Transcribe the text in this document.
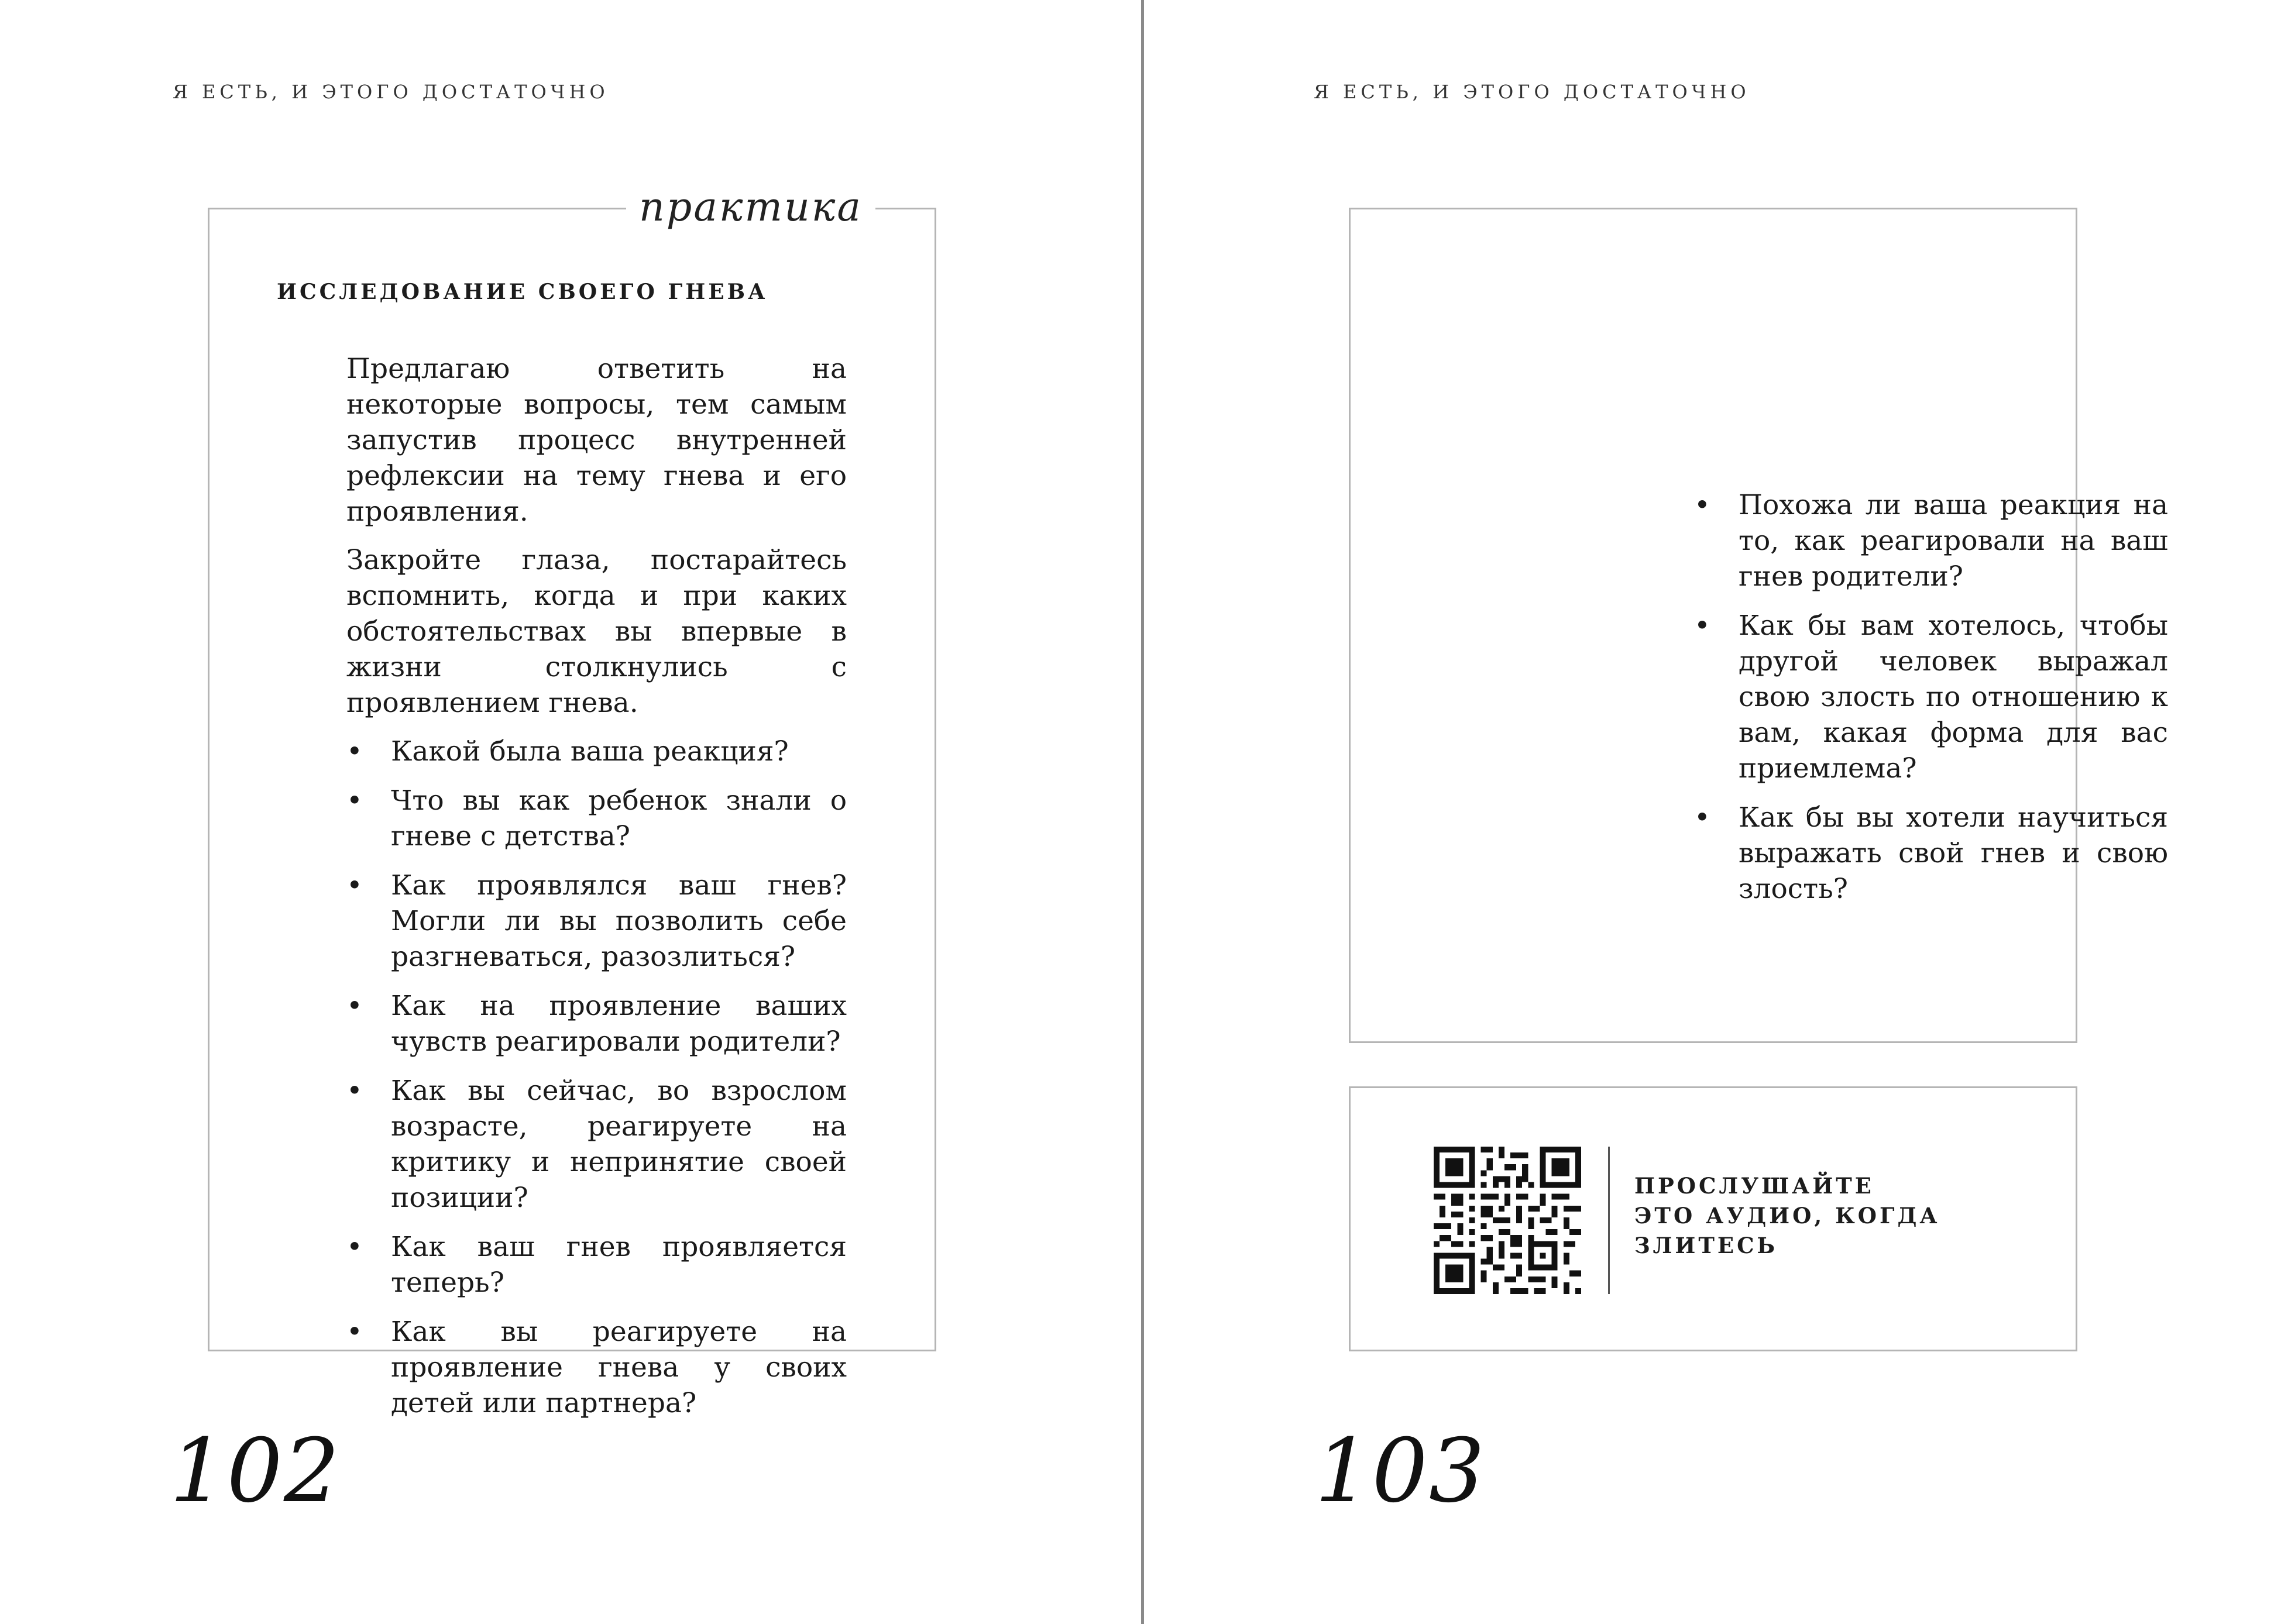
Я ЕСТЬ, И ЭТОГО ДОСТАТОЧНО
практика
ИССЛЕДОВАНИЕ СВОЕГО ГНЕВА

Предлагаю ответить на некоторые вопросы, тем самым запустив процесс внутренней рефлексии на тему гнева и его проявления.

Закройте глаза, постарайтесь вспомнить, когда и при каких обстоятельствах вы впервые в жизни столкнулись с проявлением гнева.

• Какой была ваша реакция?
• Что вы как ребенок знали о гневе с детства?
• Как проявлялся ваш гнев? Могли ли вы позволить себе разгневаться, разозлиться?
• Как на проявление ваших чувств реагировали родители?
• Как вы сейчас, во взрослом возрасте, реагируете на критику и непринятие своей позиции?
• Как ваш гнев проявляется теперь?
• Как вы реагируете на проявление гнева у своих детей или партнера?
102
Я ЕСТЬ, И ЭТОГО ДОСТАТОЧНО
• Похожа ли ваша реакция на то, как реагировали на ваш гнев родители?
• Как бы вам хотелось, чтобы другой человек выражал свою злость по отношению к вам, какая форма для вас приемлема?
• Как бы вы хотели научиться выражать свой гнев и свою злость?
ПРОСЛУШАЙТЕ
ЭТО АУДИО, КОГДА
ЗЛИТЕСЬ
103
